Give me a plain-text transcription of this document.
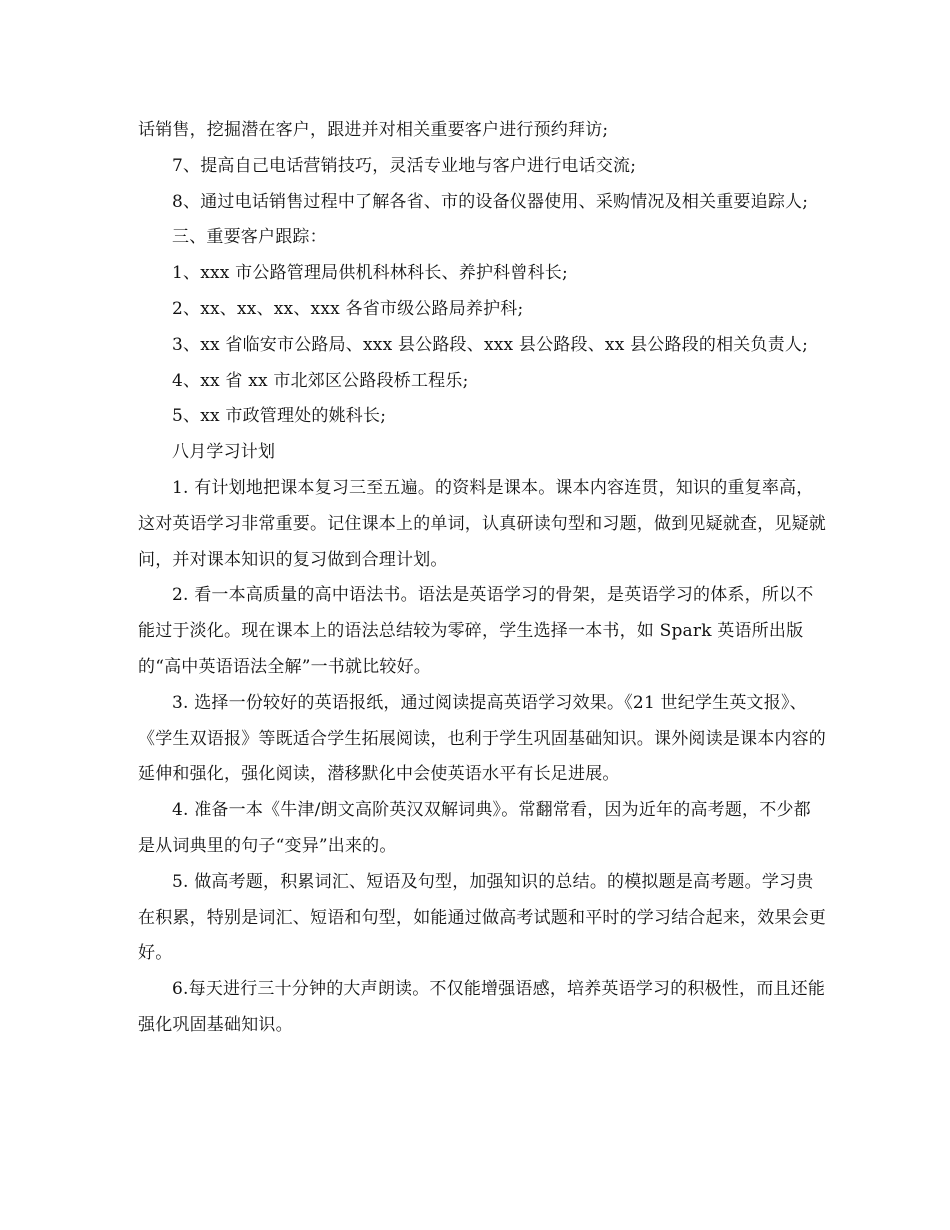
话销售，挖掘潜在客户，跟进并对相关重要客户进行预约拜访;

7、提高自己电话营销技巧，灵活专业地与客户进行电话交流;

8、通过电话销售过程中了解各省、市的设备仪器使用、采购情况及相关重要追踪人;

三、重要客户跟踪：

1、xxx 市公路管理局供机科林科长、养护科曾科长;

2、xx、xx、xx、xxx 各省市级公路局养护科;

3、xx 省临安市公路局、xxx 县公路段、xxx 县公路段、xx 县公路段的相关负责人;

4、xx 省 xx 市北郊区公路段桥工程乐;

5、xx 市政管理处的姚科长;

八月学习计划

1. 有计划地把课本复习三至五遍。的资料是课本。课本内容连贯，知识的重复率高，这对英语学习非常重要。记住课本上的单词，认真研读句型和习题，做到见疑就查，见疑就问，并对课本知识的复习做到合理计划。

2. 看一本高质量的高中语法书。语法是英语学习的骨架，是英语学习的体系，所以不能过于淡化。现在课本上的语法总结较为零碎，学生选择一本书，如 Spark 英语所出版的“高中英语语法全解”一书就比较好。

3. 选择一份较好的英语报纸，通过阅读提高英语学习效果。《21 世纪学生英文报》、《学生双语报》等既适合学生拓展阅读，也利于学生巩固基础知识。课外阅读是课本内容的延伸和强化，强化阅读，潜移默化中会使英语水平有长足进展。

4. 准备一本《牛津/朗文高阶英汉双解词典》。常翻常看，因为近年的高考题，不少都是从词典里的句子“变异”出来的。

5. 做高考题，积累词汇、短语及句型，加强知识的总结。的模拟题是高考题。学习贵在积累，特别是词汇、短语和句型，如能通过做高考试题和平时的学习结合起来，效果会更好。

6.每天进行三十分钟的大声朗读。不仅能增强语感，培养英语学习的积极性，而且还能强化巩固基础知识。
